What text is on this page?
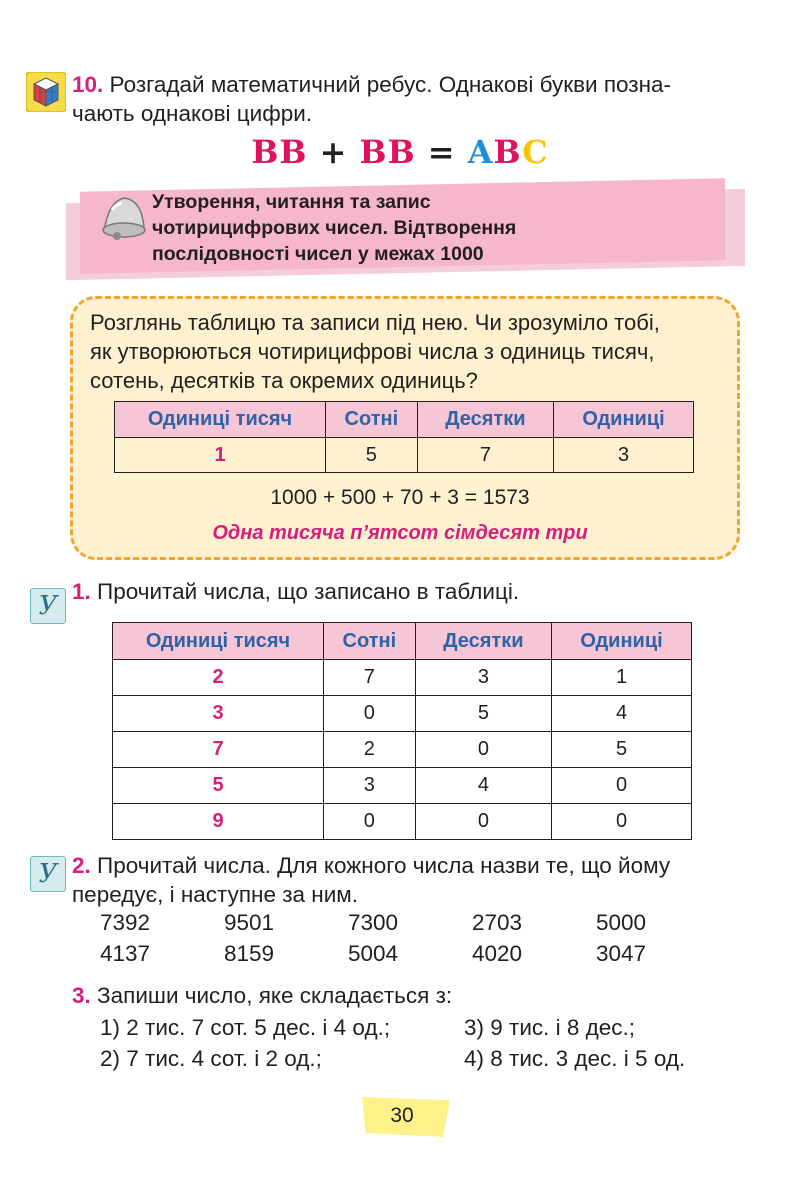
10. Розгадай математичний ребус. Однакові букви позна-
чають однакові цифри.
BB + BB = ABC
Утворення, читання та запис
чотирицифрових чисел. Відтворення
послідовності чисел у межах 1000
Розглянь таблицю та записи під нею. Чи зрозуміло тобі,
як утворюються чотирицифрові числа з одиниць тисяч,
сотень, десятків та окремих одиниць?
Одиниці тисяч	Сотні	Десятки	Одиниці
1	5	7	3
1000 + 500 + 70 + 3 = 1573
Одна тисяча п’ятсот сімдесят три
У 1. Прочитай числа, що записано в таблиці.
Одиниці тисяч	Сотні	Десятки	Одиниці
2	7	3	1
3	0	5	4
7	2	0	5
5	3	4	0
9	0	0	0
У 2. Прочитай числа. Для кожного числа назви те, що йому
передує, і наступне за ним.
7392	9501	7300	2703	5000
4137	8159	5004	4020	3047
3. Запиши число, яке складається з:
1) 2 тис. 7 сот. 5 дес. і 4 од.;	3) 9 тис. і 8 дес.;
2) 7 тис. 4 сот. і 2 од.;	4) 8 тис. 3 дес. і 5 од.
30
